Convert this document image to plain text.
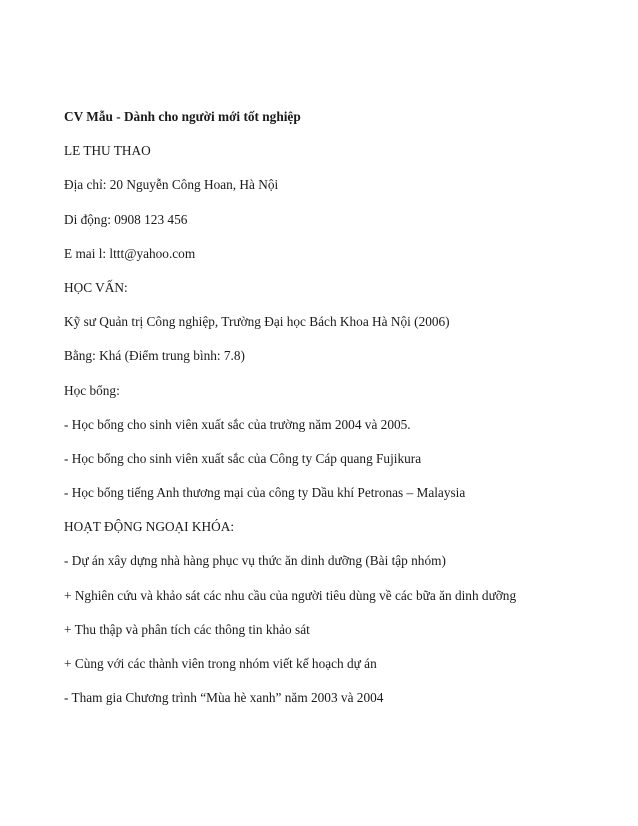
CV Mẫu - Dành cho người mới tốt nghiệp
LE THU THAO
Địa chỉ: 20 Nguyễn Công Hoan, Hà Nội
Di động: 0908 123 456
E mai l: lttt@yahoo.com
HỌC VẤN:
Kỹ sư Quản trị Công nghiệp, Trường Đại học Bách Khoa Hà Nội (2006)
Bằng: Khá (Điểm trung bình: 7.8)
Học bổng:
- Học bổng cho sinh viên xuất sắc của trường năm 2004 và 2005.
- Học bổng cho sinh viên xuất sắc của Công ty Cáp quang Fujikura
- Học bổng tiếng Anh thương mại của công ty Dầu khí Petronas – Malaysia
HOẠT ĐỘNG NGOẠI KHÓA:
- Dự án xây dựng nhà hàng phục vụ thức ăn dinh dưỡng (Bài tập nhóm)
+ Nghiên cứu và khảo sát các nhu cầu của người tiêu dùng về các bữa ăn dinh dưỡng
+ Thu thập và phân tích các thông tin khảo sát
+ Cùng với các thành viên trong nhóm viết kế hoạch dự án
- Tham gia Chương trình “Mùa hè xanh” năm 2003 và 2004
